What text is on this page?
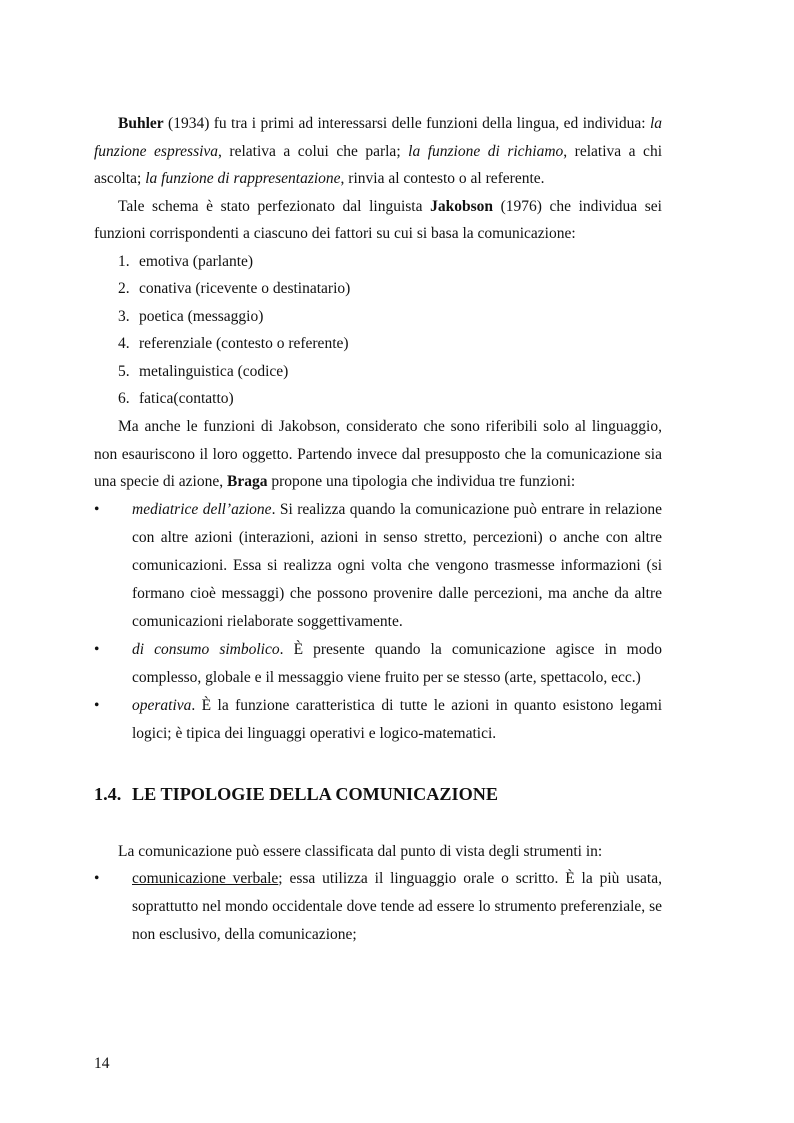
Buhler (1934) fu tra i primi ad interessarsi delle funzioni della lingua, ed individua: la funzione espressiva, relativa a colui che parla; la funzione di richiamo, relativa a chi ascolta; la funzione di rappresentazione, rinvia al contesto o al referente.

Tale schema è stato perfezionato dal linguista Jakobson (1976) che individua sei funzioni corrispondenti a ciascuno dei fattori su cui si basa la comunicazione:

1. emotiva (parlante)
2. conativa (ricevente o destinatario)
3. poetica (messaggio)
4. referenziale (contesto o referente)
5. metalinguistica (codice)
6. fatica(contatto)

Ma anche le funzioni di Jakobson, considerato che sono riferibili solo al linguaggio, non esauriscono il loro oggetto. Partendo invece dal presupposto che la comunicazione sia una specie di azione, Braga propone una tipologia che individua tre funzioni:

• mediatrice dell’azione. Si realizza quando la comunicazione può entrare in relazione con altre azioni (interazioni, azioni in senso stretto, percezioni) o anche con altre comunicazioni. Essa si realizza ogni volta che vengono trasmesse informazioni (si formano cioè messaggi) che possono provenire dalle percezioni, ma anche da altre comunicazioni rielaborate soggettivamente.
• di consumo simbolico. È presente quando la comunicazione agisce in modo complesso, globale e il messaggio viene fruito per se stesso (arte, spettacolo, ecc.)
• operativa. È la funzione caratteristica di tutte le azioni in quanto esistono legami logici; è tipica dei linguaggi operativi e logico-matematici.
1.4. LE TIPOLOGIE DELLA COMUNICAZIONE

La comunicazione può essere classificata dal punto di vista degli strumenti in:

• comunicazione verbale; essa utilizza il linguaggio orale o scritto. È la più usata, soprattutto nel mondo occidentale dove tende ad essere lo strumento preferenziale, se non esclusivo, della comunicazione;
14
